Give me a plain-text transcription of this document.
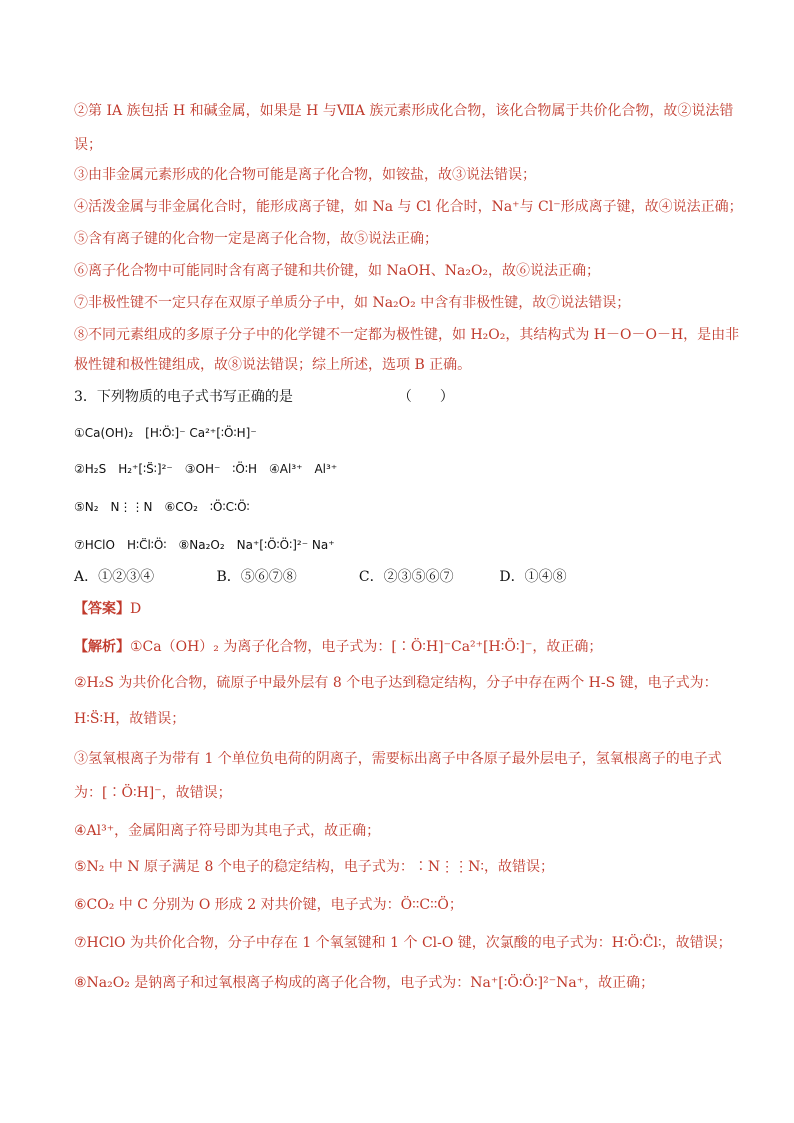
②第 IA 族包括 H 和碱金属，如果是 H 与ⅦA 族元素形成化合物，该化合物属于共价化合物，故②说法错
误；
③由非金属元素形成的化合物可能是离子化合物，如铵盐，故③说法错误；
④活泼金属与非金属化合时，能形成离子键，如 Na 与 Cl 化合时，Na⁺与 Cl⁻形成离子键，故④说法正确；
⑤含有离子键的化合物一定是离子化合物，故⑤说法正确；
⑥离子化合物中可能同时含有离子键和共价键，如 NaOH、Na₂O₂，故⑥说法正确；
⑦非极性键不一定只存在双原子单质分子中，如 Na₂O₂ 中含有非极性键，故⑦说法错误；
⑧不同元素组成的多原子分子中的化学键不一定都为极性键，如 H₂O₂，其结构式为 H－O－O－H，是由非
极性键和极性键组成，故⑧说法错误；综上所述，选项 B 正确。
3．下列物质的电子式书写正确的是	（　　）
①Ca(OH)₂　[H∶Ö∶]⁻ Ca²⁺[∶Ö∶H]⁻
②H₂S　H₂⁺[∶S̈∶]²⁻　③OH⁻　∶Ö∶H　④Al³⁺　Al³⁺
⑤N₂　N⋮⋮N　⑥CO₂　∶Ö∶C∶Ö∶
⑦HClO　H∶C̈l∶Ö∶　⑧Na₂O₂　Na⁺[∶Ö∶Ö∶]²⁻ Na⁺
A．①②③④	B．⑤⑥⑦⑧	C．②③⑤⑥⑦	D．①④⑧
【答案】D
【解析】①Ca（OH）₂ 为离子化合物，电子式为：[∶Ö∶H]⁻Ca²⁺[H∶Ö∶]⁻，故正确；
②H₂S 为共价化合物，硫原子中最外层有 8 个电子达到稳定结构，分子中存在两个 H-S 键，电子式为：
H∶S̈∶H，故错误；
③氢氧根离子为带有 1 个单位负电荷的阴离子，需要标出离子中各原子最外层电子，氢氧根离子的电子式
为：[∶Ö∶H]⁻，故错误；
④Al³⁺，金属阳离子符号即为其电子式，故正确；
⑤N₂ 中 N 原子满足 8 个电子的稳定结构，电子式为：∶N⋮⋮N∶，故错误；
⑥CO₂ 中 C 分别为 O 形成 2 对共价键，电子式为：Ö∶∶C∶∶Ö；
⑦HClO 为共价化合物，分子中存在 1 个氧氢键和 1 个 Cl-O 键，次氯酸的电子式为：H∶Ö∶C̈l∶，故错误；
⑧Na₂O₂ 是钠离子和过氧根离子构成的离子化合物，电子式为：Na⁺[∶Ö∶Ö∶]²⁻Na⁺，故正确；
